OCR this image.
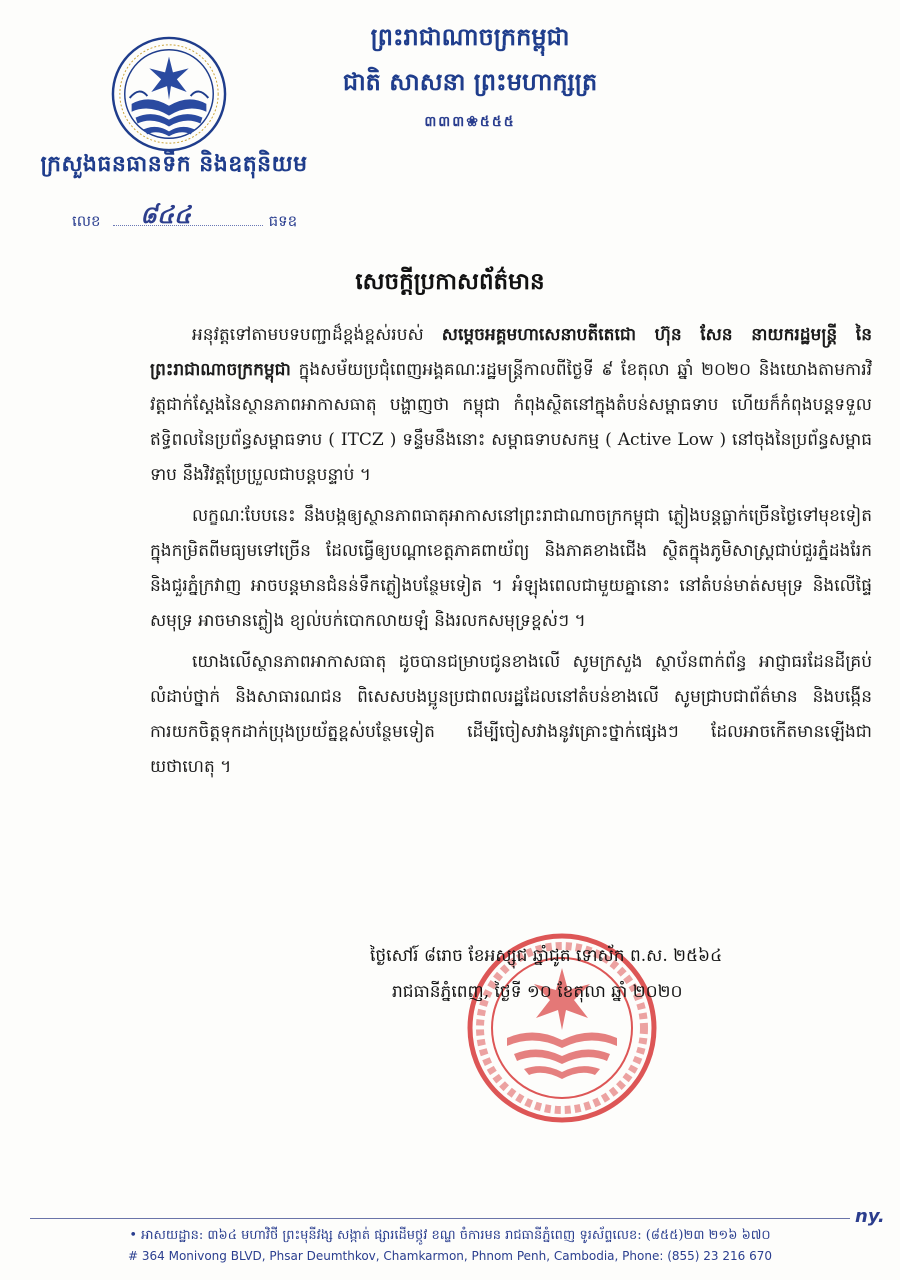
ក្រសួងធនធានទឹក និងឧតុនិយម
លេខ ៨៤៤	ធទឧ
ព្រះរាជាណាចក្រកម្ពុជា
ជាតិ សាសនា ព្រះមហាក្សត្រ
៣៣៣❀៥៥៥
សេចក្ដីប្រកាសព័ត៌មាន

អនុវត្តទៅតាមបទបញ្ជាដ៏ខ្ពង់ខ្ពស់របស់ សម្ដេចអគ្គមហាសេនាបតីតេជោ ហ៊ុន សែន នាយករដ្ឋមន្ត្រី នៃព្រះរាជាណាចក្រកម្ពុជា ក្នុងសម័យប្រជុំពេញអង្គគណៈរដ្ឋមន្ត្រីកាលពីថ្ងៃទី ៩ ខែតុលា ឆ្នាំ ២០២០ និងយោងតាមការវិវត្តជាក់ស្ដែងនៃស្ថានភាពអាកាសធាតុ បង្ហាញថា កម្ពុជា កំពុងស្ថិតនៅក្នុងតំបន់សម្ពាធទាប ហើយក៏កំពុងបន្តទទួលឥទ្ធិពលនៃប្រព័ន្ធសម្ពាធទាប ( ITCZ ) ទន្ទឹមនឹងនោះ សម្ពាធទាបសកម្ម ( Active Low ) នៅចុងនៃប្រព័ន្ធសម្ពាធទាប នឹងវិវត្តប្រែប្រួលជាបន្តបន្ទាប់ ។

លក្ខណៈបែបនេះ នឹងបង្កឲ្យស្ថានភាពធាតុអាកាសនៅព្រះរាជាណាចក្រកម្ពុជា ភ្លៀងបន្តធ្លាក់ច្រើនថ្ងៃទៅមុខទៀតក្នុងកម្រិតពីមធ្យមទៅច្រើន ដែលធ្វើឲ្យបណ្ដាខេត្តភាគពាយ័ព្យ និងភាគខាងជើង ស្ថិតក្នុងភូមិសាស្ត្រជាប់ជួរភ្នំដងរែក និងជួរភ្នំក្រវាញ អាចបន្តមានជំនន់ទឹកភ្លៀងបន្ថែមទៀត ។ អំឡុងពេលជាមួយគ្នានោះ នៅតំបន់មាត់សមុទ្រ និងលើផ្ទៃសមុទ្រ អាចមានភ្លៀង ខ្យល់បក់បោកលាយឡំ និងរលកសមុទ្រខ្ពស់ៗ ។

យោងលើស្ថានភាពអាកាសធាតុ ដូចបានជម្រាបជូនខាងលើ សូមក្រសួង ស្ថាប័នពាក់ព័ន្ធ អាជ្ញាធរដែនដីគ្រប់លំដាប់ថ្នាក់ និងសាធារណជន ពិសេសបងប្អូនប្រជាពលរដ្ឋដែលនៅតំបន់ខាងលើ សូមជ្រាបជាព័ត៌មាន និងបង្កើនការយកចិត្តទុកដាក់ប្រុងប្រយ័ត្នខ្ពស់បន្ថែមទៀត ដើម្បីចៀសវាងនូវគ្រោះថ្នាក់ផ្សេងៗ ដែលអាចកើតមានឡើងជាយថាហេតុ ។

ថ្ងៃសៅរ៍ ៨រោច ខែអស្សុជ ឆ្នាំជូត ទោស័ក ព.ស. ២៥៦៤
រាជធានីភ្នំពេញ, ថ្ងៃទី ១០ ខែតុលា ឆ្នាំ ២០២០
ny.
• អាសយដ្ឋាន: ៣៦៤ មហាវិថី ព្រះមុនីវង្ស សង្កាត់ ផ្សារដើមថ្កូវ ខណ្ឌ ចំការមន រាជធានីភ្នំពេញ ទូរស័ព្ទលេខ: (៨៥៥)២៣ ២១៦ ៦៧០
# 364 Monivong BLVD, Phsar Deumthkov, Chamkarmon, Phnom Penh, Cambodia, Phone: (855) 23 216 670
